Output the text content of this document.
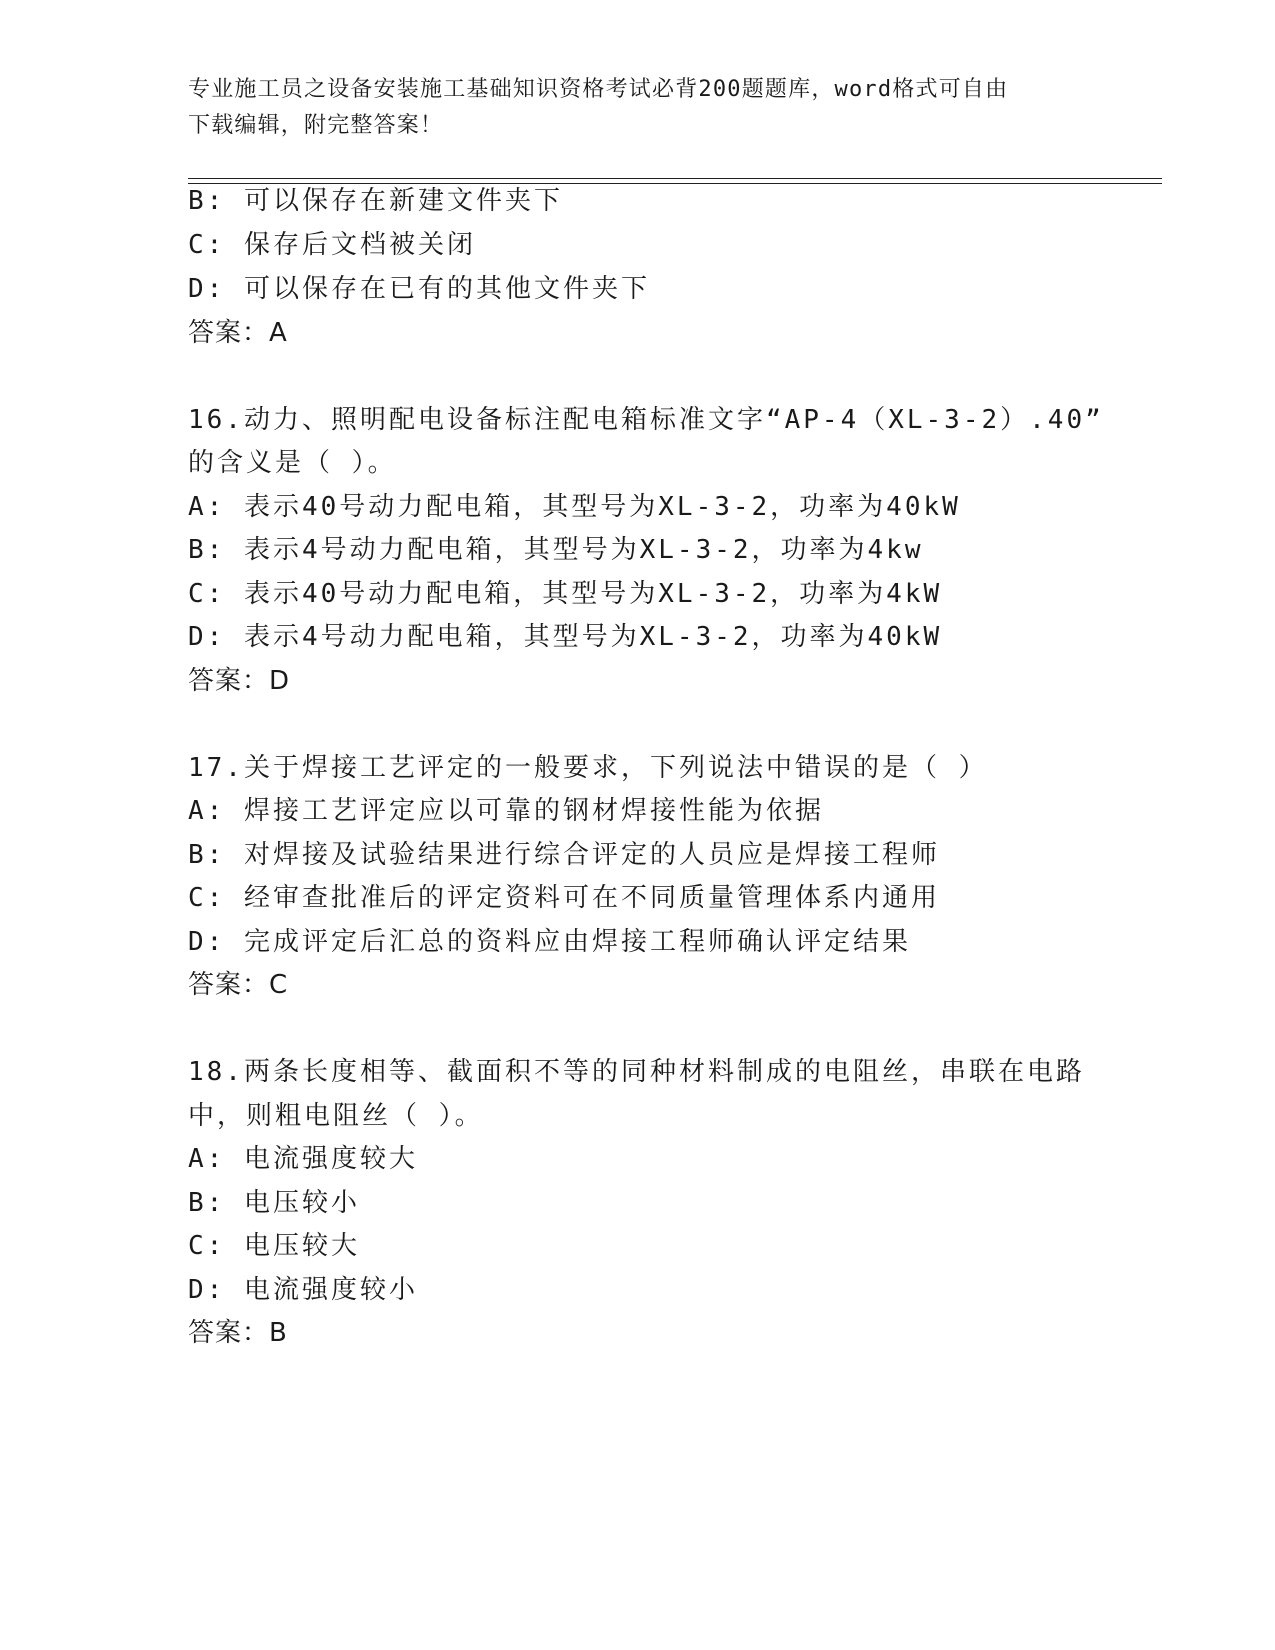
专业施工员之设备安装施工基础知识资格考试必背200题题库，word格式可自由
下载编辑，附完整答案！
B: 可以保存在新建文件夹下
C: 保存后文档被关闭
D: 可以保存在已有的其他文件夹下
答案：A
16.动力、照明配电设备标注配电箱标准文字“AP-4（XL-3-2）.40”
的含义是（ ）。
A: 表示40号动力配电箱，其型号为XL-3-2，功率为40kW
B: 表示4号动力配电箱，其型号为XL-3-2，功率为4kw
C: 表示40号动力配电箱，其型号为XL-3-2，功率为4kW
D: 表示4号动力配电箱，其型号为XL-3-2，功率为40kW
答案：D
17.关于焊接工艺评定的一般要求，下列说法中错误的是（ ）
A: 焊接工艺评定应以可靠的钢材焊接性能为依据
B: 对焊接及试验结果进行综合评定的人员应是焊接工程师
C: 经审查批准后的评定资料可在不同质量管理体系内通用
D: 完成评定后汇总的资料应由焊接工程师确认评定结果
答案：C
18.两条长度相等、截面积不等的同种材料制成的电阻丝，串联在电路
中，则粗电阻丝（ ）。
A: 电流强度较大
B: 电压较小
C: 电压较大
D: 电流强度较小
答案：B
